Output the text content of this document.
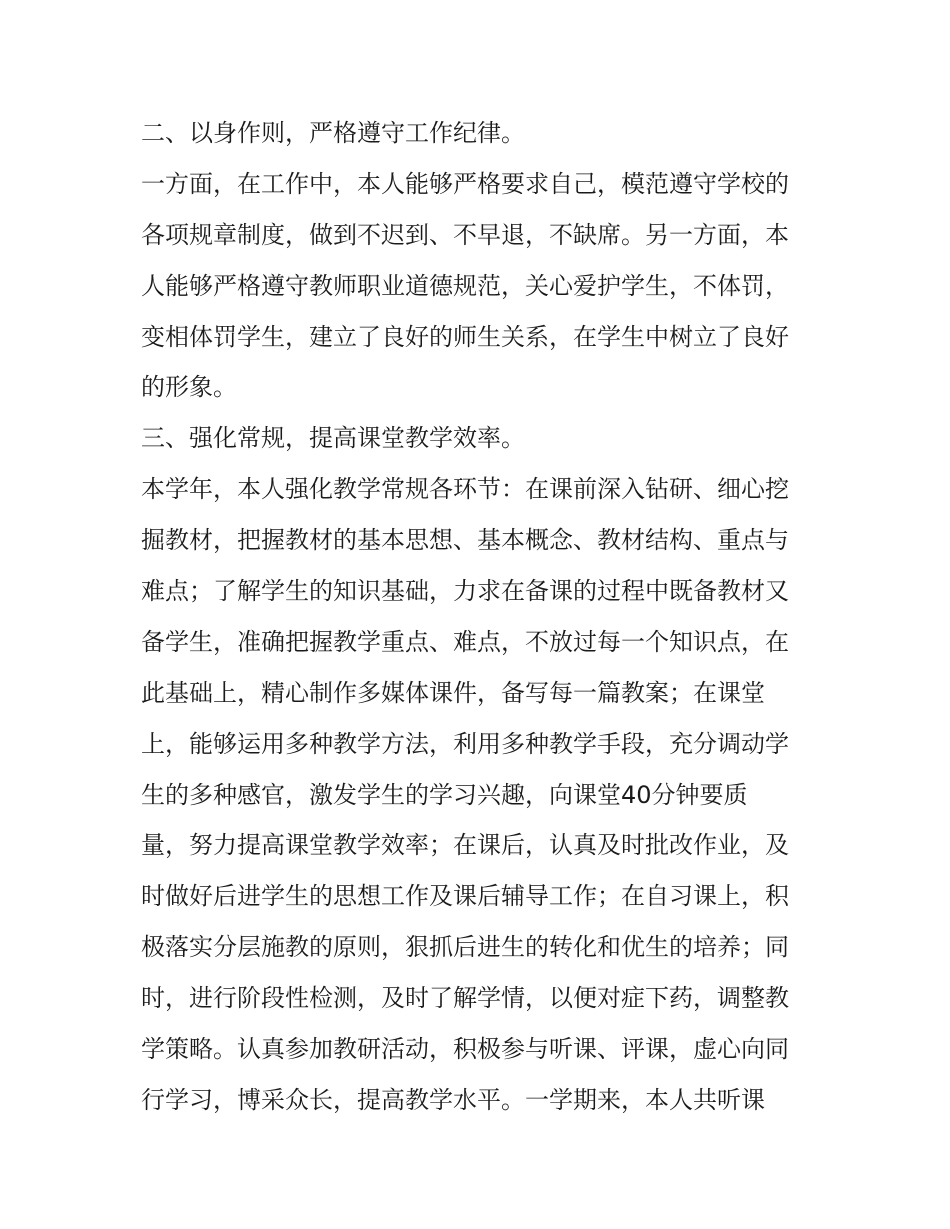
二、以身作则，严格遵守工作纪律。
一方面，在工作中，本人能够严格要求自己，模范遵守学校的
各项规章制度，做到不迟到、不早退，不缺席。另一方面，本
人能够严格遵守教师职业道德规范，关心爱护学生，不体罚，
变相体罚学生，建立了良好的师生关系，在学生中树立了良好
的形象。
三、强化常规，提高课堂教学效率。
本学年，本人强化教学常规各环节：在课前深入钻研、细心挖
掘教材，把握教材的基本思想、基本概念、教材结构、重点与
难点；了解学生的知识基础，力求在备课的过程中既备教材又
备学生，准确把握教学重点、难点，不放过每一个知识点，在
此基础上，精心制作多媒体课件，备写每一篇教案；在课堂
上，能够运用多种教学方法，利用多种教学手段，充分调动学
生的多种感官，激发学生的学习兴趣，向课堂40分钟要质
量，努力提高课堂教学效率；在课后，认真及时批改作业，及
时做好后进学生的思想工作及课后辅导工作；在自习课上，积
极落实分层施教的原则，狠抓后进生的转化和优生的培养；同
时，进行阶段性检测，及时了解学情，以便对症下药，调整教
学策略。认真参加教研活动，积极参与听课、评课，虚心向同
行学习，博采众长，提高教学水平。一学期来，本人共听课
